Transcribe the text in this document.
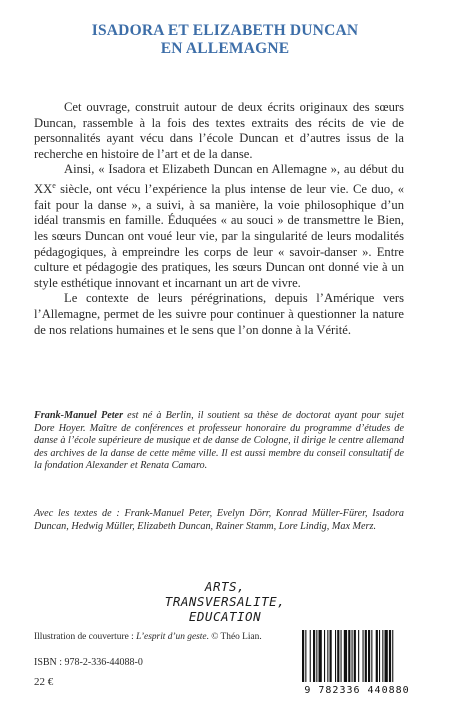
ISADORA ET ELIZABETH DUNCAN
EN ALLEMAGNE

Cet ouvrage, construit autour de deux écrits originaux des sœurs Duncan, rassemble à la fois des textes extraits des récits de vie de personnalités ayant vécu dans l’école Duncan et d’autres issus de la recherche en histoire de l’art et de la danse.

Ainsi, « Isadora et Elizabeth Duncan en Allemagne », au début du XXe siècle, ont vécu l’expérience la plus intense de leur vie. Ce duo, « fait pour la danse », a suivi, à sa manière, la voie philosophique d’un idéal transmis en famille. Éduquées « au souci » de transmettre le Bien, les sœurs Duncan ont voué leur vie, par la singularité de leurs modalités pédagogiques, à empreindre les corps de leur « savoir-danser ». Entre culture et pédagogie des pratiques, les sœurs Duncan ont donné vie à un style esthétique innovant et incarnant un art de vivre.

Le contexte de leurs pérégrinations, depuis l’Amérique vers l’Allemagne, permet de les suivre pour continuer à questionner la nature de nos relations humaines et le sens que l’on donne à la Vérité.

Frank-Manuel Peter est né à Berlin, il soutient sa thèse de doctorat ayant pour sujet Dore Hoyer. Maître de conférences et professeur honoraire du programme d’études de danse à l’école supérieure de musique et de danse de Cologne, il dirige le centre allemand des archives de la danse de cette même ville. Il est aussi membre du conseil consultatif de la fondation Alexander et Renata Camaro.
Avec les textes de : Frank-Manuel Peter, Evelyn Dörr, Konrad Müller-Fürer, Isadora Duncan, Hedwig Müller, Elizabeth Duncan, Rainer Stamm, Lore Lindig, Max Merz.
ARTS,
TRANSVERSALITE,
EDUCATION
Illustration de couverture : L’esprit d’un geste. © Théo Lian.
ISBN : 978-2-336-44088-0
22 €
9 782336 440880
